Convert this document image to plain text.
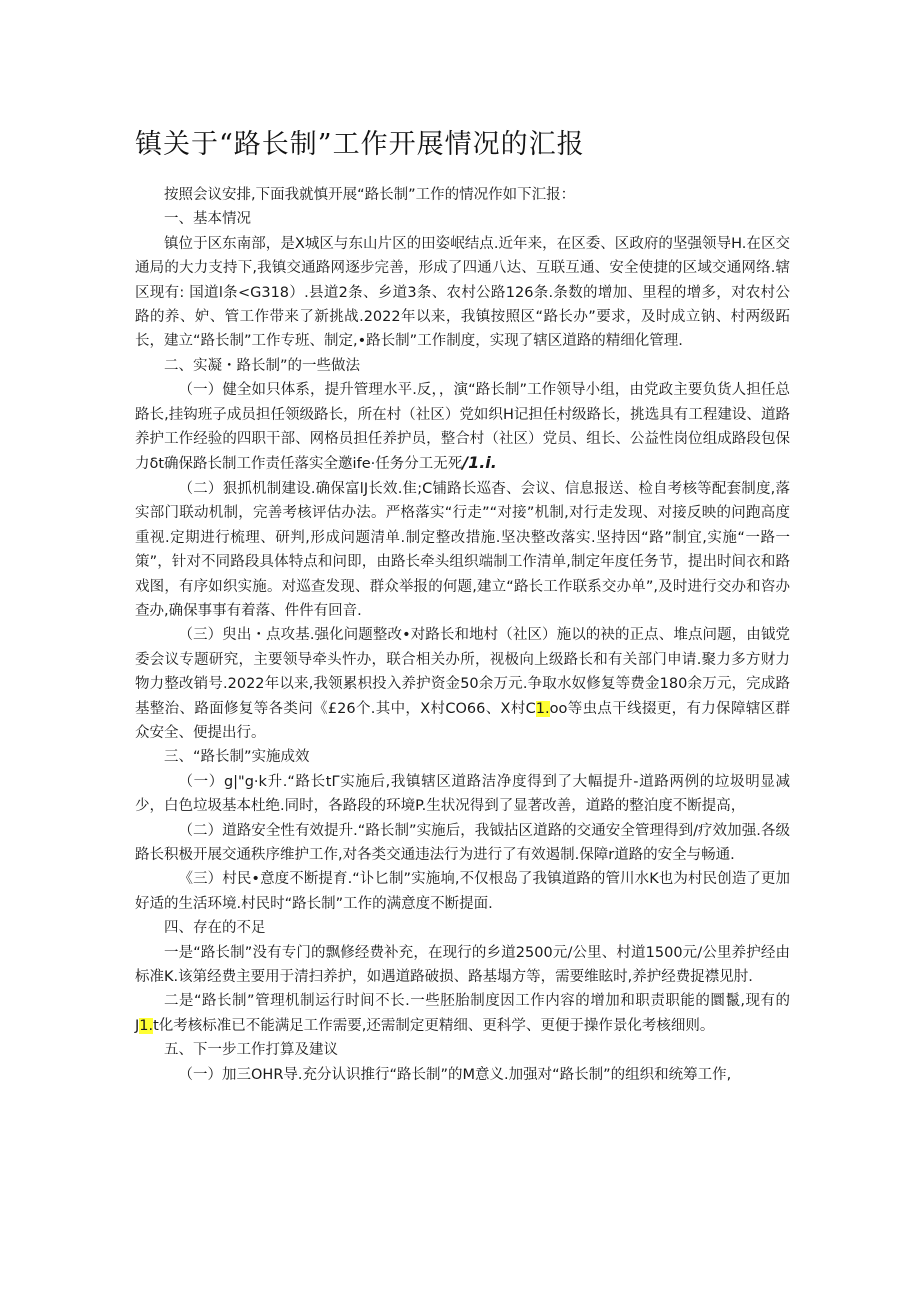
镇关于“路长制”工作开展情况的汇报

按照会议安排,下面我就慎开展“路长制”工作的情况作如下汇报：

一、基本情况

镇位于区东南部，是X城区与东山片区的田姿岷结点.近年来，在区委、区政府的坚强领导H.在区交通局的大力支持下,我镇交通路网逐步完善，形成了四通八达、互联互通、安全使捷的区域交通网络.辖区现有: 国道l条<G318）.县道2条、乡道3条、农村公路126条.条数的增加、里程的增多，对农村公路的养、妒、管工作带来了新挑战.2022年以来，我镇按照区“路长办”要求，及时成立钠、村两级跖长，建立“路长制”工作专班、制定,•路长制”工作制度，实现了辖区道路的精细化管理.

二、实凝・路长制”的一些做法

（一）健全如只体系，提升管理水平.反，，演“路长制”工作领导小组，由党政主要负货人担任总路长,挂钩班子成员担任领级路长，所在村（社区）党如织H记担任村级路长，挑选具有工程建设、道路养护工作经验的四职干部、网格员担任养护员，整合村（社区）党员、组长、公益性岗位组成路段包保力δt确保路长制工作责任落实全邀ife·任务分工无死/1.i.

（二）狠抓机制建设.确保富lJ长效.隹;C铺路长巡杳、会议、信息报送、检自考核等配套制度,落实部门联动机制，完善考核评估办法。严格落实“行走”“对接”机制,对行走发现、对接反映的问跑高度重视.定期进行梳理、研判,形成问题清单.制定整改措施.坚决整改落实.坚持因“路”制宜,实施“一路一策”，针对不同路段具体特点和问即，由路长牵头组织端制工作清单,制定年度任务节，提出时间衣和路戏图，有序如织实施。对巡查发现、群众举报的何题,建立“路长工作联系交办单”,及时进行交办和咨办查办,确保事事有着落、件件有回音.

（三）臾出・点攻基.强化问题整改•对路长和地村（社区）施以的袂的正点、堆点问题，由钺党委会议专题研究，主要领导牵头忤办，联合相关办所，视极向上级路长和有关部门申请.聚力多方财力物力整改销号.2022年以来,我领累枳投入养护资金50余万元.争取水奴修复等费金180余万元，完成路基整治、路面修复等各类问《£26个.其中，X村CO66、X村C1.oo等虫点干线掇更，有力保障辖区群众安全、便提出行。

三、“路长制”实施成效

（一）g|"g·k升.“路长tΓ实施后,我镇辖区道路洁净度得到了大幅提升-道路两例的垃圾明显减少，白色垃圾基本杜绝.同时，各路段的环境P.生状况得到了显著改善，道路的整泊度不断提高，

（二）道路安全性有效提升.“路长制”实施后，我钺拈区道路的交通安全管理得到/疗效加强.各级路长积极开展交通秩序维护工作,对各类交通违法行为进行了有效遏制.保障r道路的安全与畅通.

《三）村民•意度不断提育.“讣匕制”实施垧,不仅根岛了我镇道路的管川水K也为村民创造了更加好适的生活环境.村民时“路长制”工作的满意度不断提面.

四、存在的不足

一是“路长制”没有专门的飘修经费补充，在现行的乡道2500元/公里、村道1500元/公里养护经由标准K.该第经费主要用于清扫养护，如遇道路破损、路基塌方等，需要维眩时,养护经费捉襟见肘.

二是“路长制”管理机制运行时间不长.一些胚胎制度因工作内容的增加和职责职能的圜鬣,现有的J1.t化考核标准已不能满足工作需要,还需制定更精细、更科学、更便于操作景化考核细则。

五、下一步工作打算及建议

（一）加三OHR导.充分认识推行“路长制”的M意义.加强对“路长制”的组织和统筹工作,
